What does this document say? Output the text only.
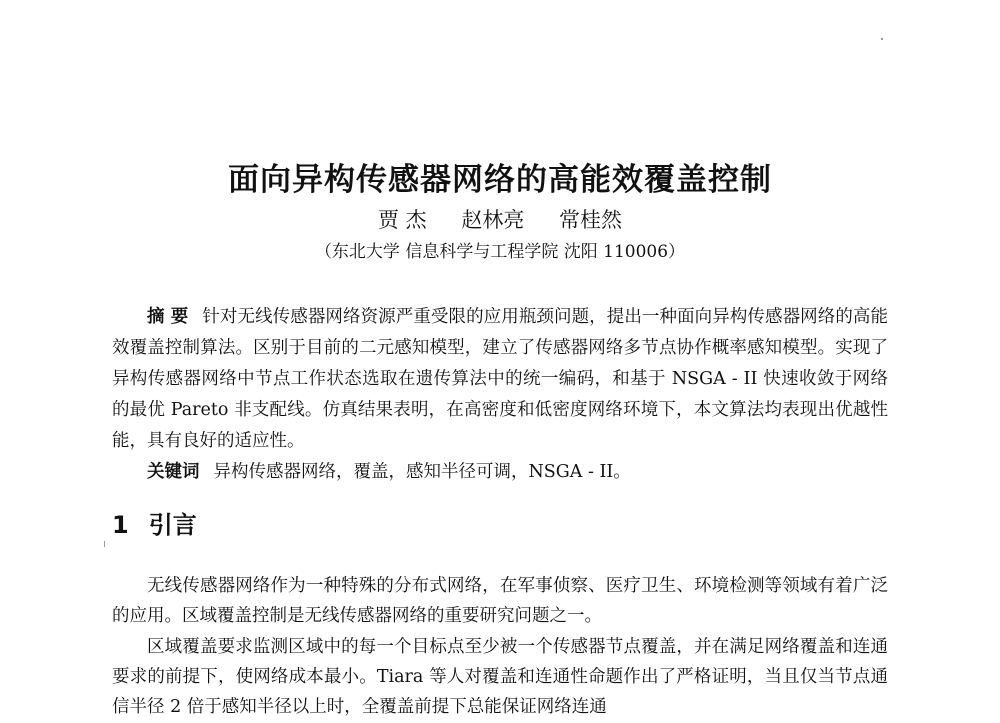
面向异构传感器网络的高能效覆盖控制
贾 杰 赵林亮 常桂然
（东北大学 信息科学与工程学院 沈阳 110006）

摘 要 针对无线传感器网络资源严重受限的应用瓶颈问题，提出一种面向异构传感器网络的高能效覆盖控制算法。区别于目前的二元感知模型，建立了传感器网络多节点协作概率感知模型。实现了异构传感器网络中节点工作状态选取在遗传算法中的统一编码，和基于 NSGA - II 快速收敛于网络的最优 Pareto 非支配线。仿真结果表明，在高密度和低密度网络环境下，本文算法均表现出优越性能，具有良好的适应性。

关键词 异构传感器网络，覆盖，感知半径可调，NSGA - II。

1 引言

无线传感器网络作为一种特殊的分布式网络，在军事侦察、医疗卫生、环境检测等领域有着广泛的应用。区域覆盖控制是无线传感器网络的重要研究问题之一。

区域覆盖要求监测区域中的每一个目标点至少被一个传感器节点覆盖，并在满足网络覆盖和连通要求的前提下，使网络成本最小。Tiara 等人对覆盖和连通性命题作出了严格证明，当且仅当节点通信半径 2 倍于感知半径以上时，全覆盖前提下总能保证网络连通
